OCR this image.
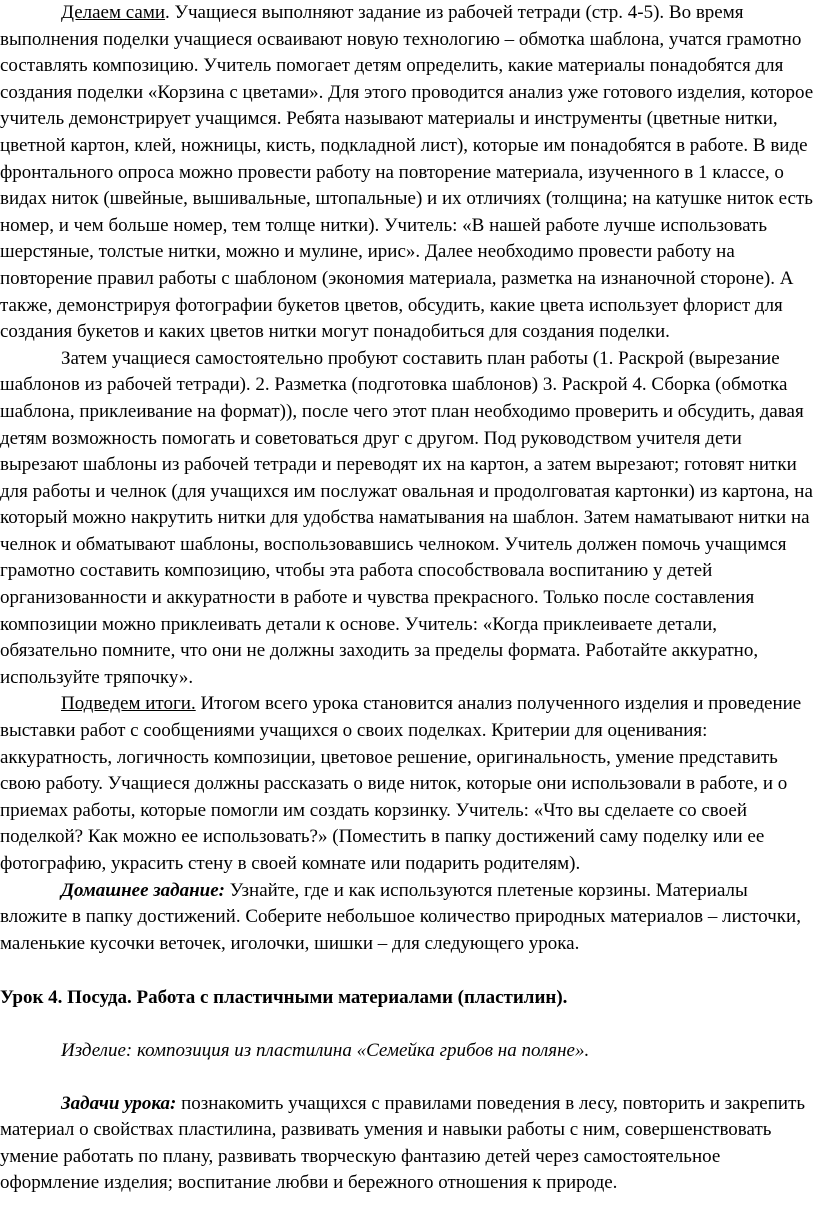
Делаем сами. Учащиеся выполняют задание из рабочей тетради (стр. 4-5). Во время выполнения поделки учащиеся осваивают новую технологию – обмотка шаблона, учатся грамотно составлять композицию. Учитель помогает детям определить, какие материалы понадобятся для создания поделки «Корзина с цветами». Для этого проводится анализ уже готового изделия, которое учитель демонстрирует учащимся. Ребята называют материалы и инструменты (цветные нитки, цветной картон, клей, ножницы, кисть, подкладной лист), которые им понадобятся в работе. В виде фронтального опроса можно провести работу на повторение материала, изученного в 1 классе, о видах ниток (швейные, вышивальные, штопальные) и их отличиях (толщина; на катушке ниток есть номер, и чем больше номер, тем толще нитки). Учитель: «В нашей работе лучше использовать шерстяные, толстые нитки, можно и мулине, ирис». Далее необходимо провести работу на повторение правил работы с шаблоном (экономия материала, разметка на изнаночной стороне). А также, демонстрируя фотографии букетов цветов, обсудить, какие цвета использует флорист для создания букетов и каких цветов нитки могут понадобиться для создания поделки.

Затем учащиеся самостоятельно пробуют составить план работы (1. Раскрой (вырезание шаблонов из рабочей тетради). 2. Разметка (подготовка шаблонов) 3. Раскрой 4. Сборка (обмотка шаблона, приклеивание на формат)), после чего этот план необходимо проверить и обсудить, давая детям возможность помогать и советоваться друг с другом. Под руководством учителя дети вырезают шаблоны из рабочей тетради и переводят их на картон, а затем вырезают; готовят нитки для работы и челнок (для учащихся им послужат овальная и продолговатая картонки) из картона, на который можно накрутить нитки для удобства наматывания на шаблон. Затем наматывают нитки на челнок и обматывают шаблоны, воспользовавшись челноком. Учитель должен помочь учащимся грамотно составить композицию, чтобы эта работа способствовала воспитанию у детей организованности и аккуратности в работе и чувства прекрасного. Только после составления композиции можно приклеивать детали к основе. Учитель: «Когда приклеиваете детали, обязательно помните, что они не должны заходить за пределы формата. Работайте аккуратно, используйте тряпочку».

Подведем итоги. Итогом всего урока становится анализ полученного изделия и проведение выставки работ с сообщениями учащихся о своих поделках. Критерии для оценивания: аккуратность, логичность композиции, цветовое решение, оригинальность, умение представить свою работу. Учащиеся должны рассказать о виде ниток, которые они использовали в работе, и о приемах работы, которые помогли им создать корзинку. Учитель: «Что вы сделаете со своей поделкой? Как можно ее использовать?» (Поместить в папку достижений саму поделку или ее фотографию, украсить стену в своей комнате или подарить родителям).

Домашнее задание: Узнайте, где и как используются плетеные корзины. Материалы вложите в папку достижений. Соберите небольшое количество природных материалов – листочки, маленькие кусочки веточек, иголочки, шишки – для следующего урока.

Урок 4. Посуда. Работа с пластичными материалами (пластилин).

Изделие: композиция из пластилина «Семейка грибов на поляне».

Задачи урока: познакомить учащихся с правилами поведения в лесу, повторить и закрепить материал о свойствах пластилина, развивать умения и навыки работы с ним, совершенствовать умение работать по плану, развивать творческую фантазию детей через самостоятельное оформление изделия; воспитание любви и бережного отношения к природе.
